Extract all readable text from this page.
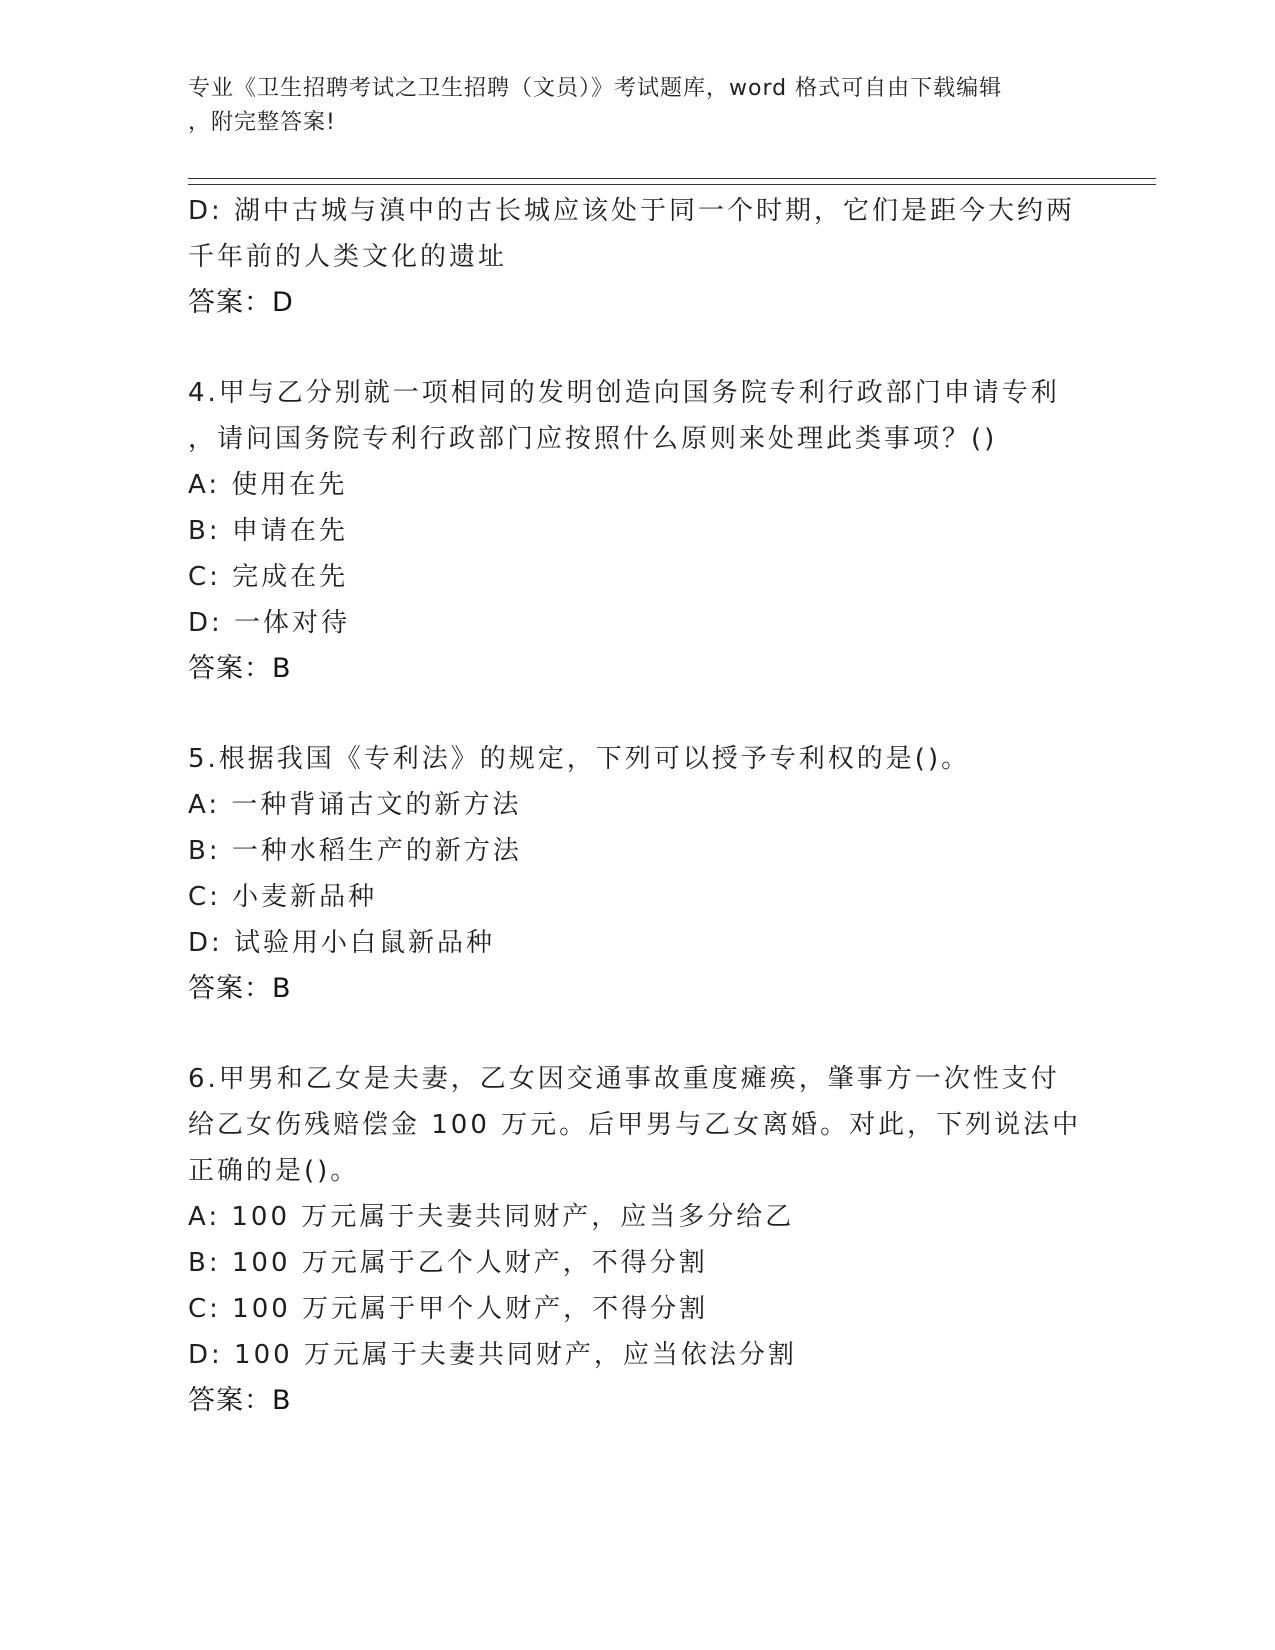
专业《卫生招聘考试之卫生招聘（文员）》考试题库，word 格式可自由下载编辑
，附完整答案!
D: 湖中古城与滇中的古长城应该处于同一个时期，它们是距今大约两
千年前的人类文化的遗址
答案：D
4.甲与乙分别就一项相同的发明创造向国务院专利行政部门申请专利
，请问国务院专利行政部门应按照什么原则来处理此类事项？()
A: 使用在先
B: 申请在先
C: 完成在先
D: 一体对待
答案：B
5.根据我国《专利法》的规定，下列可以授予专利权的是()。
A: 一种背诵古文的新方法
B: 一种水稻生产的新方法
C: 小麦新品种
D: 试验用小白鼠新品种
答案：B
6.甲男和乙女是夫妻，乙女因交通事故重度瘫痪，肇事方一次性支付
给乙女伤残赔偿金 100 万元。后甲男与乙女离婚。对此，下列说法中
正确的是()。
A: 100 万元属于夫妻共同财产，应当多分给乙
B: 100 万元属于乙个人财产，不得分割
C: 100 万元属于甲个人财产，不得分割
D: 100 万元属于夫妻共同财产，应当依法分割
答案：B
